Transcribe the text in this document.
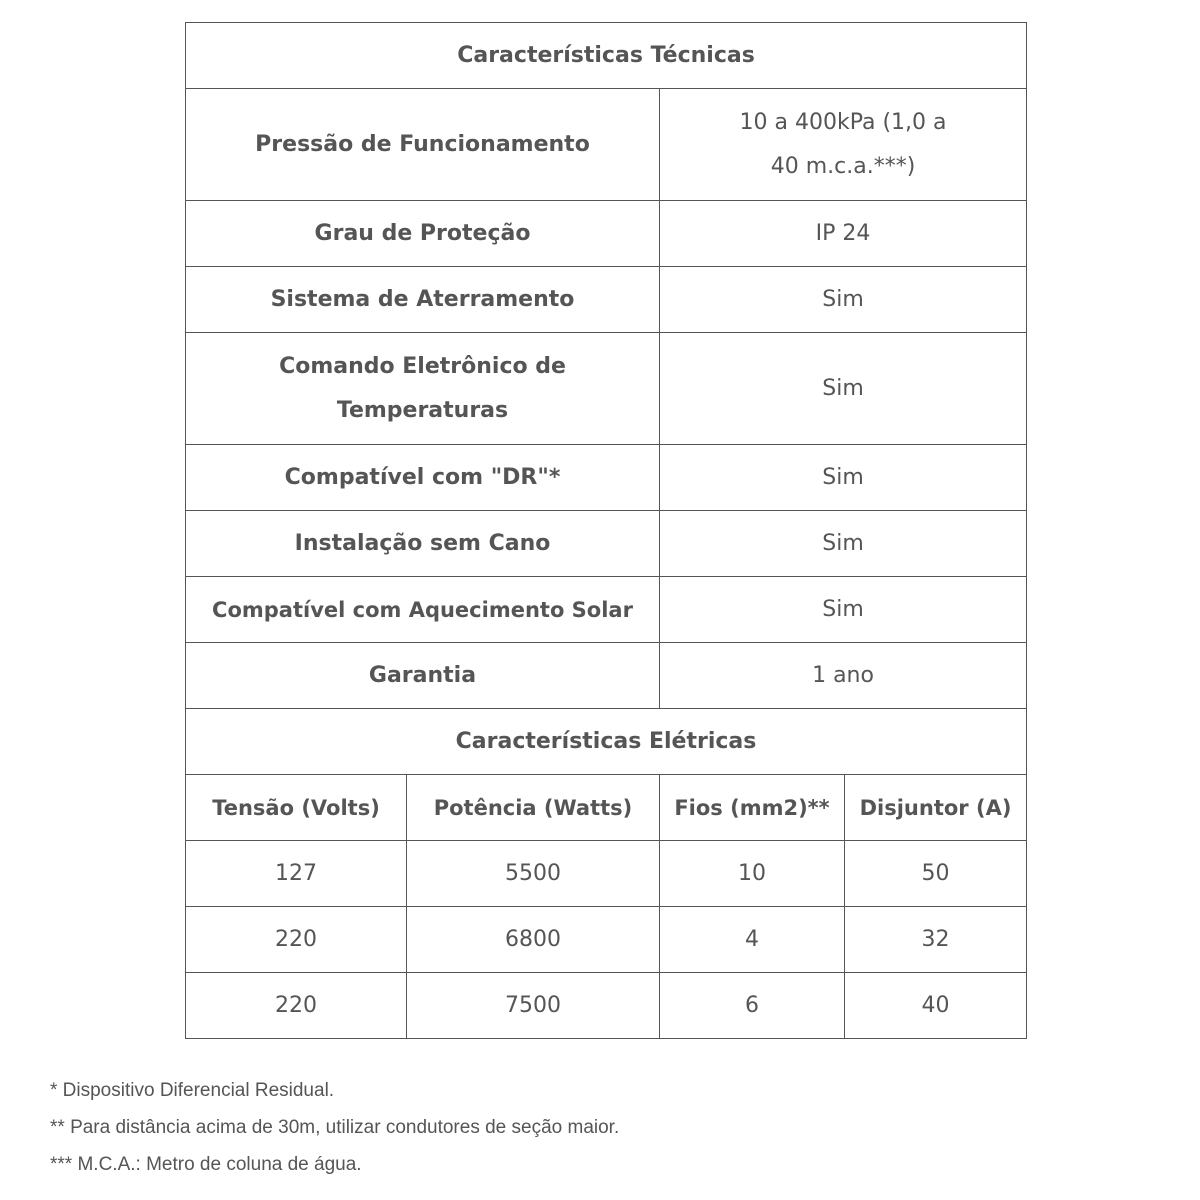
Características Técnicas			
Pressão de Funcionamento		10 a 400kPa (1,0 a 40 m.c.a.***)	
Grau de Proteção		IP 24	
Sistema de Aterramento		Sim	
Comando Eletrônico de Temperaturas		Sim	
Compatível com "DR"*		Sim	
Instalação sem Cano		Sim	
Compatível com Aquecimento Solar		Sim	
Garantia		1 ano	
Características Elétricas			
Tensão (Volts)	Potência (Watts)	Fios (mm2)**	Disjuntor (A)
127	5500	10	50
220	6800	4	32
220	7500	6	40
* Dispositivo Diferencial Residual.
** Para distância acima de 30m, utilizar condutores de seção maior.
*** M.C.A.: Metro de coluna de água.
